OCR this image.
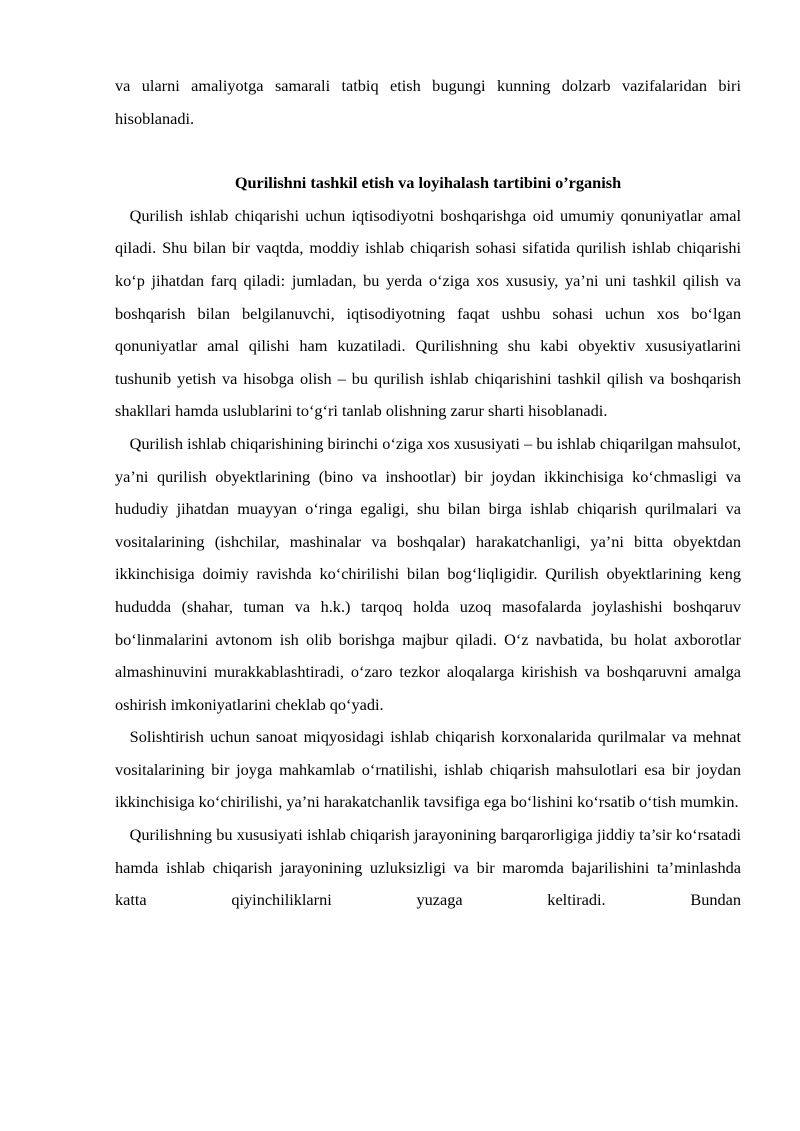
va ularni amaliyotga samarali tatbiq etish bugungi kunning dolzarb vazifalaridan biri hisoblanadi.

Qurilishni tashkil etish va loyihalash tartibini o’rganish

Qurilish ishlab chiqarishi uchun iqtisodiyotni boshqarishga oid umumiy qonuniyatlar amal qiladi. Shu bilan bir vaqtda, moddiy ishlab chiqarish sohasi sifatida qurilish ishlab chiqarishi ko‘p jihatdan farq qiladi: jumladan, bu yerda o‘ziga xos xususiy, ya’ni uni tashkil qilish va boshqarish bilan belgilanuvchi, iqtisodiyotning faqat ushbu sohasi uchun xos bo‘lgan qonuniyatlar amal qilishi ham kuzatiladi. Qurilishning shu kabi obyektiv xususiyatlarini tushunib yetish va hisobga olish – bu qurilish ishlab chiqarishini tashkil qilish va boshqarish shakllari hamda uslublarini to‘g‘ri tanlab olishning zarur sharti hisoblanadi.

Qurilish ishlab chiqarishining birinchi o‘ziga xos xususiyati – bu ishlab chiqarilgan mahsulot, ya’ni qurilish obyektlarining (bino va inshootlar) bir joydan ikkinchisiga ko‘chmasligi va hududiy jihatdan muayyan o‘ringa egaligi, shu bilan birga ishlab chiqarish qurilmalari va vositalarining (ishchilar, mashinalar va boshqalar) harakatchanligi, ya’ni bitta obyektdan ikkinchisiga doimiy ravishda ko‘chirilishi bilan bog‘liqligidir. Qurilish obyektlarining keng hududda (shahar, tuman va h.k.) tarqoq holda uzoq masofalarda joylashishi boshqaruv bo‘linmalarini avtonom ish olib borishga majbur qiladi. O‘z navbatida, bu holat axborotlar almashinuvini murakkablashtiradi, o‘zaro tezkor aloqalarga kirishish va boshqaruvni amalga oshirish imkoniyatlarini cheklab qo‘yadi.

Solishtirish uchun sanoat miqyosidagi ishlab chiqarish korxonalarida qurilmalar va mehnat vositalarining bir joyga mahkamlab o‘rnatilishi, ishlab chiqarish mahsulotlari esa bir joydan ikkinchisiga ko‘chirilishi, ya’ni harakatchanlik tavsifiga ega bo‘lishini ko‘rsatib o‘tish mumkin.

Qurilishning bu xususiyati ishlab chiqarish jarayonining barqarorligiga jiddiy ta’sir ko‘rsatadi hamda ishlab chiqarish jarayonining uzluksizligi va bir maromda bajarilishini ta’minlashda katta qiyinchiliklarni yuzaga keltiradi. Bundan
